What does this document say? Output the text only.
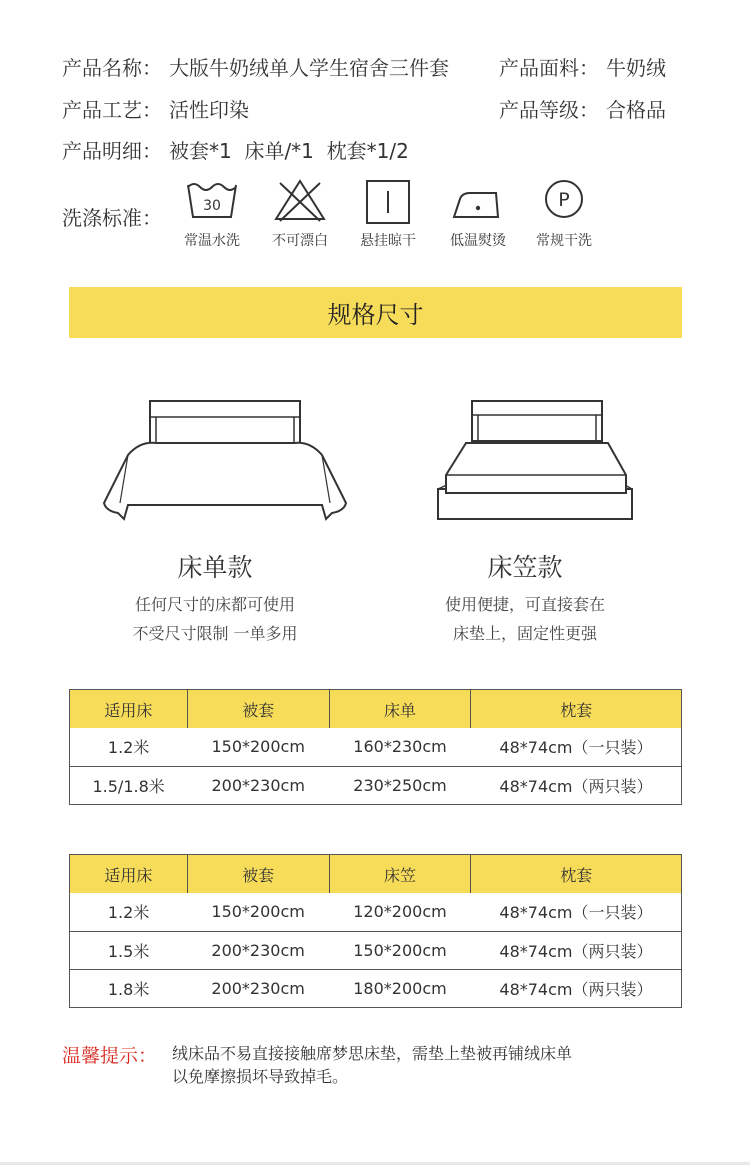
产品名称： 大版牛奶绒单人学生宿舍三件套	产品面料： 牛奶绒
产品工艺： 活性印染	产品等级： 合格品
产品明细： 被套*1  床单/*1  枕套*1/2
洗涤标准：	30
常温水洗	不可漂白	悬挂晾干	低温熨烫
P
常规干洗
规格尺寸
床单款
任何尺寸的床都可使用
不受尺寸限制 一单多用
床笠款
使用便捷，可直接套在
床垫上，固定性更强
适用床	被套	床单	枕套
1.2米	150*200cm	160*230cm	48*74cm（一只装）
1.5/1.8米	200*230cm	230*250cm	48*74cm（两只装）
适用床	被套	床笠	枕套
1.2米	150*200cm	120*200cm	48*74cm（一只装）
1.5米	200*230cm	150*200cm	48*74cm（两只装）
1.8米	200*230cm	180*200cm	48*74cm（两只装）
温馨提示： 绒床品不易直接接触席梦思床垫，需垫上垫被再铺绒床单
以免摩擦损坏导致掉毛。
